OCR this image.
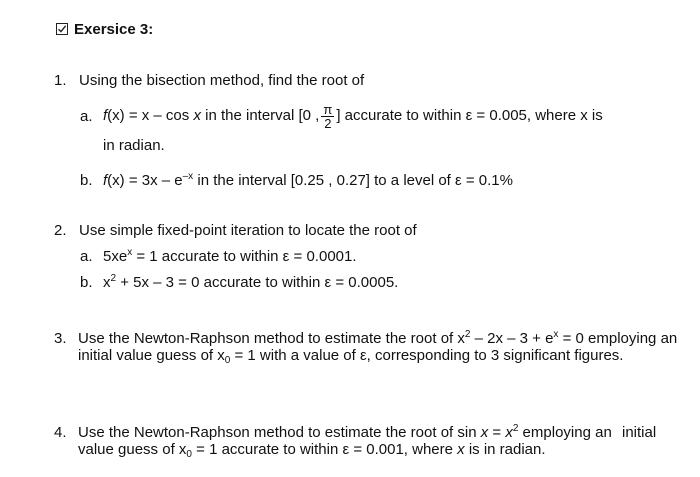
Exersice 3:
1. Using the bisection method, find the root of
a. f(x) = x – cos x in the interval [0 , $\frac{\pi}{2}$ ] accurate to within ε = 0.005, where x is
in radian.
b. $f(x) = 3x - e^{-x}$ in the interval [0.25 , 0.27] to a level of ε = 0.1%
2. Use simple fixed-point iteration to locate the root of
a. $5xe^x = 1$ accurate to within ε = 0.0001.
b. $x^2 + 5x - 3 = 0$ accurate to within ε = 0.0005.
3. Use the Newton-Raphson method to estimate the root of $x^2 - 2x - 3 + e^x = 0$ employing an
initial value guess of $x_0 = 1$ with a value of ε, corresponding to 3 significant figures.
4. Use the Newton-Raphson method to estimate the root of $\sin x = x^2$ employing an initial
value guess of $x_0 = 1$ accurate to within ε = 0.001, where x is in radian.
